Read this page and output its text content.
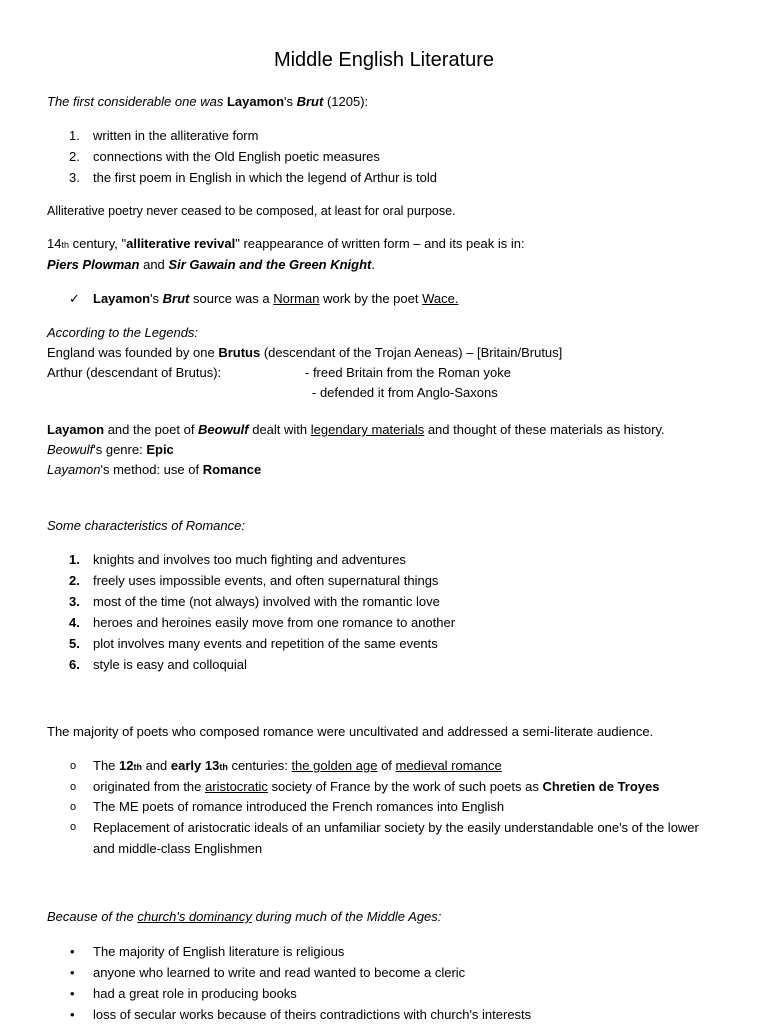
Middle English Literature
The first considerable one was Layamon's Brut (1205):
1. written in the alliterative form
2. connections with the Old English poetic measures
3. the first poem in English in which the legend of Arthur is told
Alliterative poetry never ceased to be composed, at least for oral purpose.
14th century, "alliterative revival" reappearance of written form – and its peak is in:
Piers Plowman and Sir Gawain and the Green Knight.
✓ Layamon's Brut source was a Norman work by the poet Wace.
According to the Legends:
England was founded by one Brutus (descendant of the Trojan Aeneas) – [Britain/Brutus]
Arthur (descendant of Brutus):	- freed Britain from the Roman yoke
- defended it from Anglo-Saxons
Layamon and the poet of Beowulf dealt with legendary materials and thought of these materials as history.
Beowulf's genre: Epic
Layamon's method: use of Romance
Some characteristics of Romance:
1. knights and involves too much fighting and adventures
2. freely uses impossible events, and often supernatural things
3. most of the time (not always) involved with the romantic love
4. heroes and heroines easily move from one romance to another
5. plot involves many events and repetition of the same events
6. style is easy and colloquial
The majority of poets who composed romance were uncultivated and addressed a semi-literate audience.
o The 12th and early 13th centuries: the golden age of medieval romance
o originated from the aristocratic society of France by the work of such poets as Chretien de Troyes
o The ME poets of romance introduced the French romances into English
o Replacement of aristocratic ideals of an unfamiliar society by the easily understandable one's of the lower and middle-class Englishmen
Because of the church's dominancy during much of the Middle Ages:
• The majority of English literature is religious
• anyone who learned to write and read wanted to become a cleric
• had a great role in producing books
• loss of secular works because of theirs contradictions with church's interests
